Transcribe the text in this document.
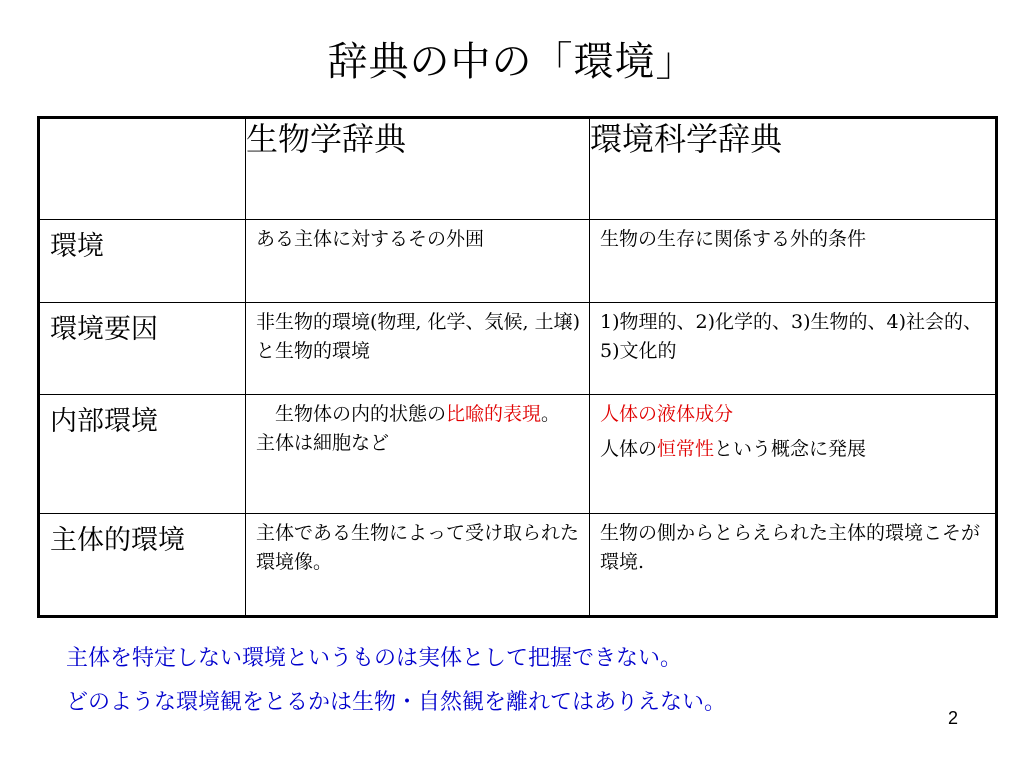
辞典の中の「環境」
	生物学辞典	環境科学辞典
環境	ある主体に対するその外囲	生物の生存に関係する外的条件
環境要因	非生物的環境(物理, 化学、気候, 土壌)と生物的環境	1)物理的、2)化学的、3)生物的、4)社会的、5)文化的
内部環境	　生物体の内的状態の比喩的表現。 主体は細胞など	人体の液体成分
人体の恒常性という概念に発展

主体的環境	主体である生物によって受け取られた環境像。	生物の側からとらえられた主体的環境こそが環境.
主体を特定しない環境というものは実体として把握できない。
どのような環境観をとるかは生物・自然観を離れてはありえない。
2
